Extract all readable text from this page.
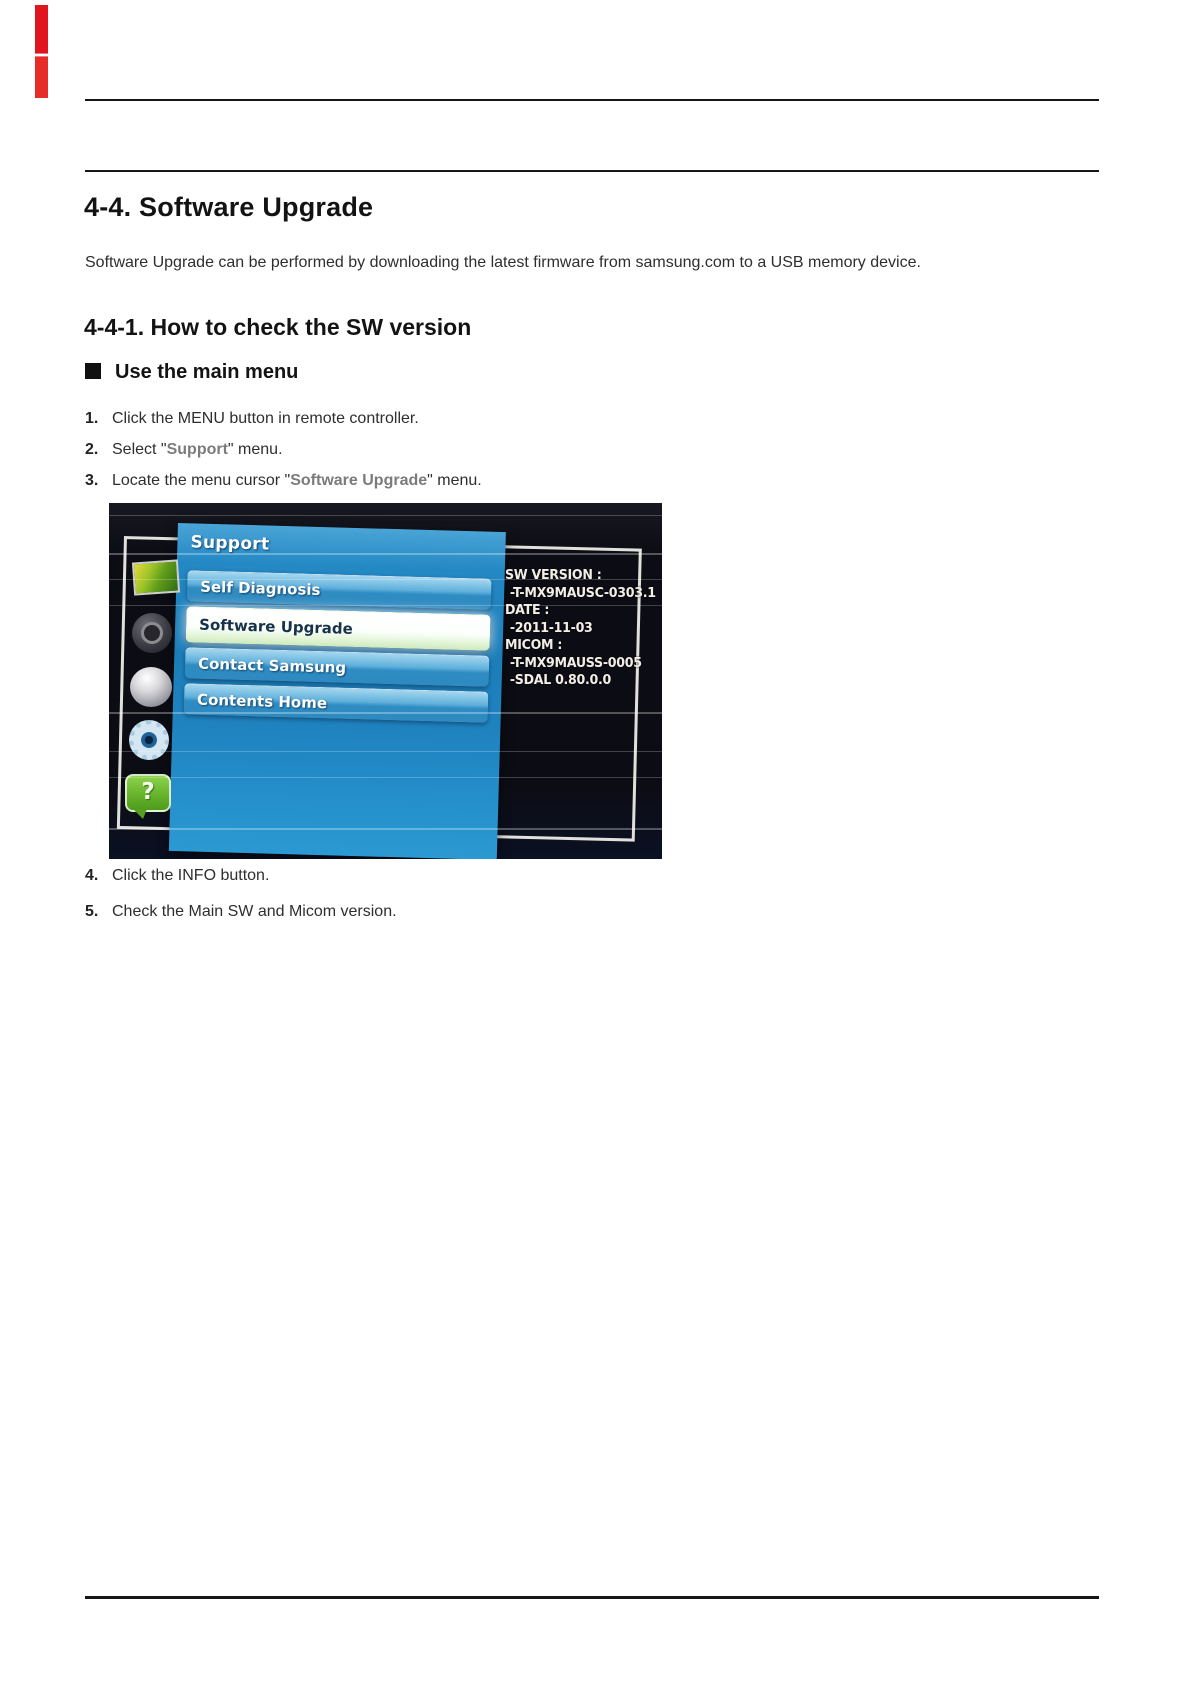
4-4. Software Upgrade
Software Upgrade can be performed by downloading the latest firmware from samsung.com to a USB memory device.
4-4-1. How to check the SW version
Use the main menu
1. Click the MENU button in remote controller.
2. Select "Support" menu.
3. Locate the menu cursor "Software Upgrade" menu.
?
Support
Self Diagnosis
Software Upgrade
Contact Samsung
Contents Home
SW VERSION :
-T-MX9MAUSC-0303.1
DATE :
-2011-11-03
MICOM :
-T-MX9MAUSS-0005
-SDAL 0.80.0.0
4. Click the INFO button.
5. Check the Main SW and Micom version.
